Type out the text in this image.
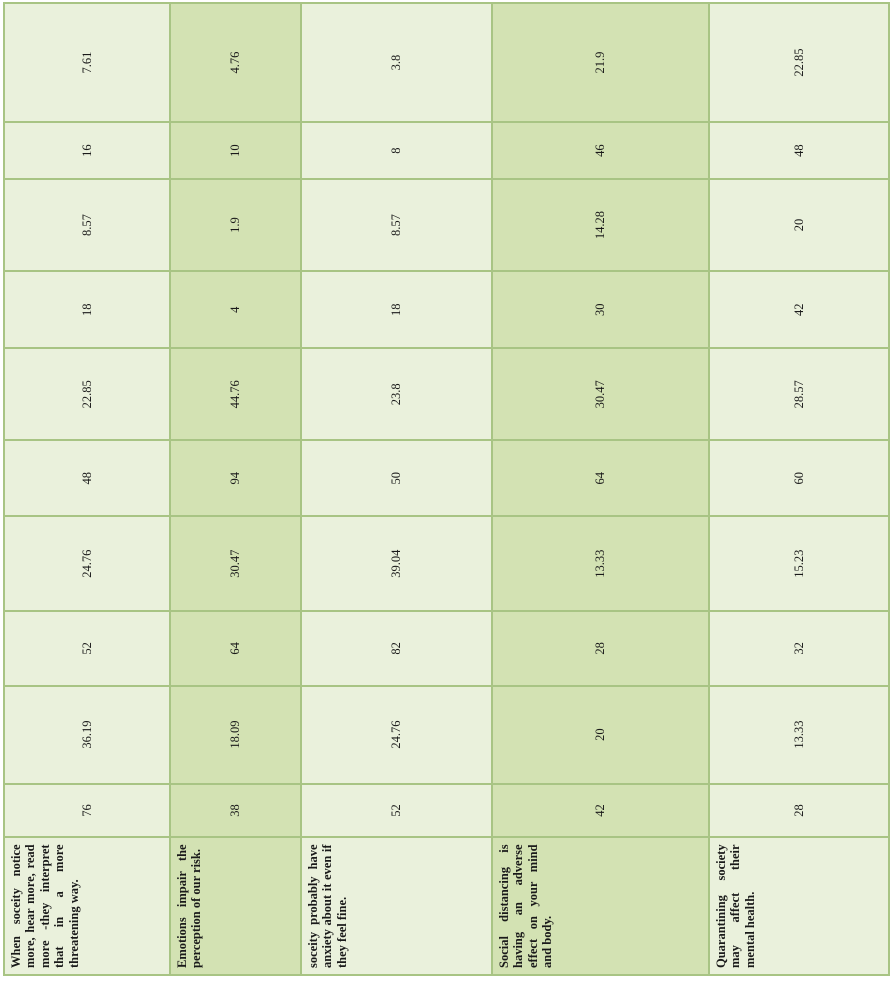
When soceity notice more, hear more, read more -they interpret that in a more threatening way.	76	36.19	52	24.76	48	22.85	18	8.57	16	7.61
Emotions impair the perception of our risk.	38	18.09	64	30.47	94	44.76	4	1.9	10	4.76
soceity probably have anxiety about it even if they feel fine.	52	24.76	82	39.04	50	23.8	18	8.57	8	3.8
Social distancing is having an adverse effect on your mind and body.	42	20	28	13.33	64	30.47	30	14.28	46	21.9
Quarantining society may affect their mental health.	28	13.33	32	15.23	60	28.57	42	20	48	22.85
